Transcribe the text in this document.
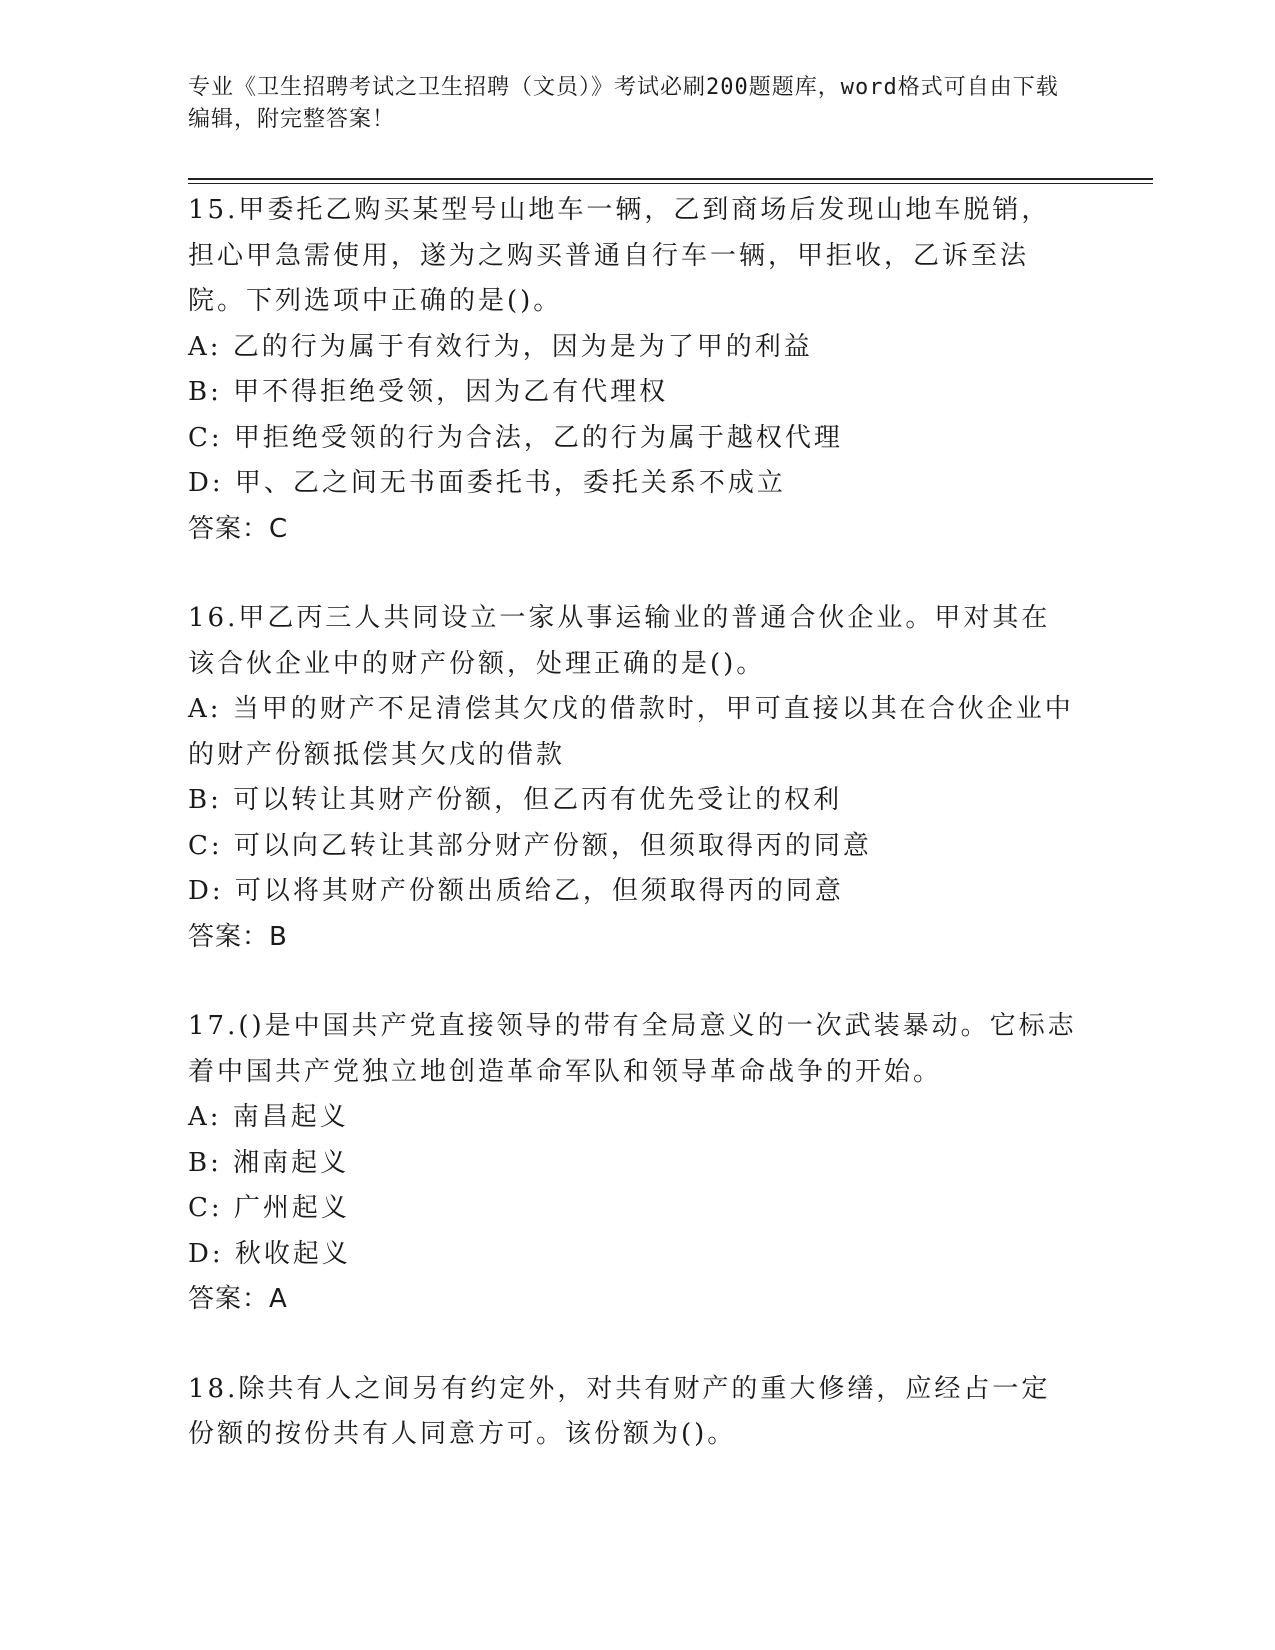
专业《卫生招聘考试之卫生招聘（文员）》考试必刷200题题库，word格式可自由下载编辑，附完整答案！
15.甲委托乙购买某型号山地车一辆，乙到商场后发现山地车脱销，担心甲急需使用，遂为之购买普通自行车一辆，甲拒收，乙诉至法院。下列选项中正确的是()。
A: 乙的行为属于有效行为，因为是为了甲的利益
B: 甲不得拒绝受领，因为乙有代理权
C: 甲拒绝受领的行为合法，乙的行为属于越权代理
D: 甲、乙之间无书面委托书，委托关系不成立
答案：C
16.甲乙丙三人共同设立一家从事运输业的普通合伙企业。甲对其在该合伙企业中的财产份额，处理正确的是()。
A: 当甲的财产不足清偿其欠戊的借款时，甲可直接以其在合伙企业中的财产份额抵偿其欠戊的借款
B: 可以转让其财产份额，但乙丙有优先受让的权利
C: 可以向乙转让其部分财产份额，但须取得丙的同意
D: 可以将其财产份额出质给乙，但须取得丙的同意
答案：B
17.()是中国共产党直接领导的带有全局意义的一次武装暴动。它标志着中国共产党独立地创造革命军队和领导革命战争的开始。
A: 南昌起义
B: 湘南起义
C: 广州起义
D: 秋收起义
答案：A
18.除共有人之间另有约定外，对共有财产的重大修缮，应经占一定份额的按份共有人同意方可。该份额为()。
